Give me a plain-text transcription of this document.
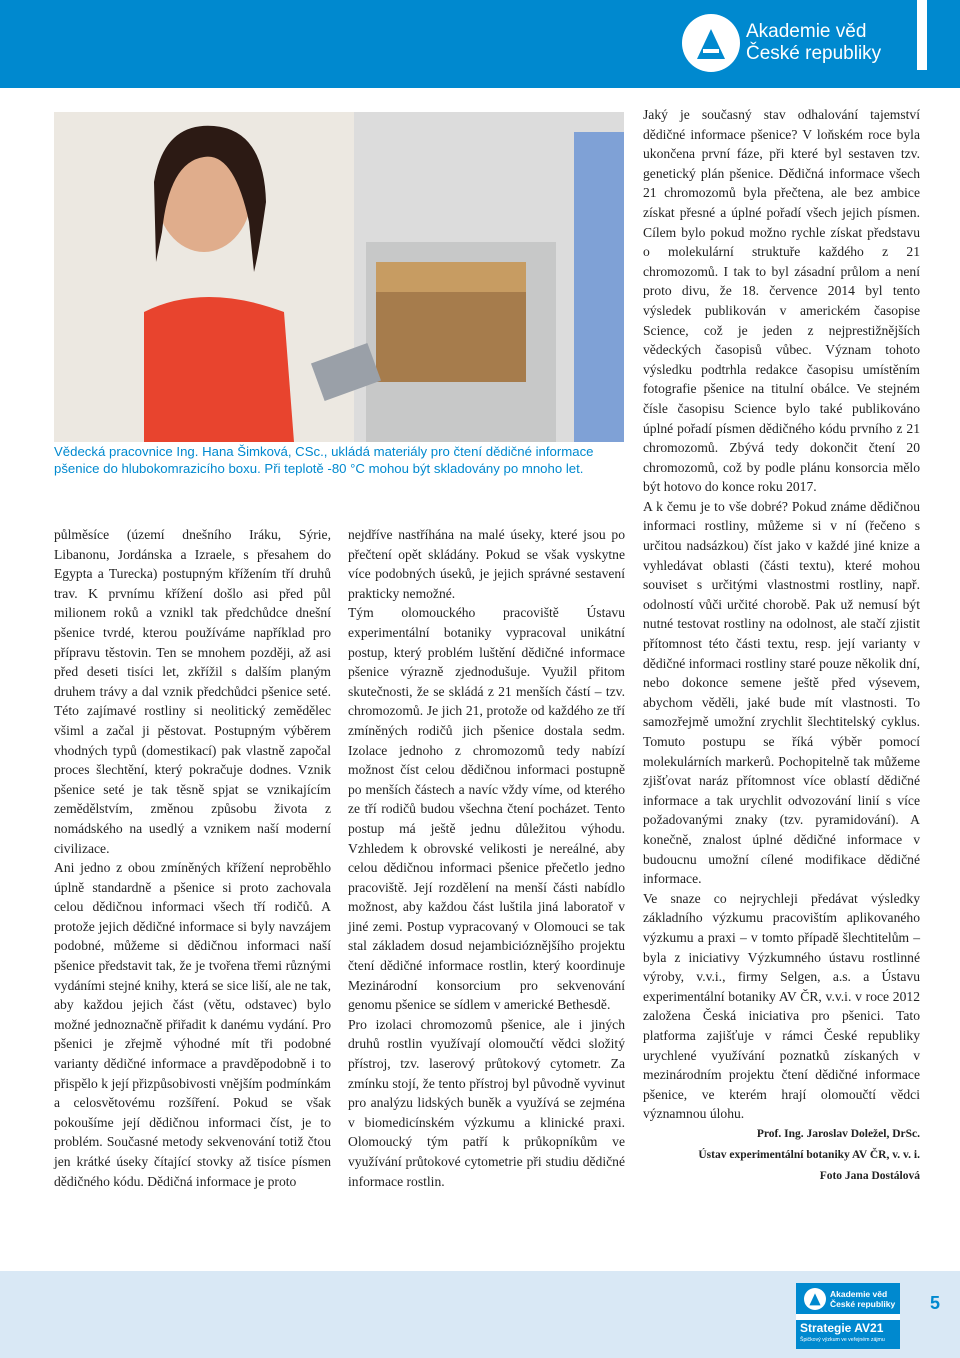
Akademie věd
České republiky
Vědecká pracovnice Ing. Hana Šimková, CSc., ukládá materiály pro čtení dědičné informace pšenice do hlubokomrazicího boxu. Při teplotě -80 °C mohou být skladovány po mnoho let.

půlměsíce (území dnešního Iráku, Sýrie, Libanonu, Jordánska a Izraele, s přesahem do Egypta a Turecka) postupným křížením tří druhů trav. K prvnímu křížení došlo asi před půl milionem roků a vznikl tak předchůdce dnešní pšenice tvrdé, kterou používáme například pro přípravu těstovin. Ten se mnohem později, až asi před deseti tisíci let, zkřížil s dalším planým druhem trávy a dal vznik předchůdci pšenice seté. Této zajímavé rostliny si neolitický zemědělec všiml a začal ji pěstovat. Postupným výběrem vhodných typů (domestikací) pak vlastně započal proces šlechtění, který pokračuje dodnes. Vznik pšenice seté je tak těsně spjat se vznikajícím zemědělstvím, změnou způsobu života z nomádského na usedlý a vznikem naší moderní civilizace.

Ani jedno z obou zmíněných křížení neproběhlo úplně standardně a pšenice si proto zachovala celou dědičnou informaci všech tří rodičů. A protože jejich dědičné informace si byly navzájem podobné, můžeme si dědičnou informaci naší pšenice představit tak, že je tvořena třemi různými vydáními stejné knihy, která se sice liší, ale ne tak, aby každou jejich část (větu, odstavec) bylo možné jednoznačně přiřadit k danému vydání. Pro pšenici je zřejmě výhodné mít tři podobné varianty dědičné informace a pravděpodobně i to přispělo k její přizpůsobivosti vnějším podmínkám a celosvětovému rozšíření. Pokud se však pokoušíme její dědičnou informaci číst, je to problém. Současné metody sekvenování totiž čtou jen krátké úseky čítající stovky až tisíce písmen dědičného kódu. Dědičná informace je proto

nejdříve nastříhána na malé úseky, které jsou po přečtení opět skládány. Pokud se však vyskytne více podobných úseků, je jejich správné sestavení prakticky nemožné.

Tým olomouckého pracoviště Ústavu experimentální botaniky vypracoval unikátní postup, který problém luštění dědičné informace pšenice výrazně zjednodušuje. Využil přitom skutečnosti, že se skládá z 21 menších částí – tzv. chromozomů. Je jich 21, protože od každého ze tří zmíněných rodičů jich pšenice dostala sedm. Izolace jednoho z chromozomů tedy nabízí možnost číst celou dědičnou informaci postupně po menších částech a navíc vždy víme, od kterého ze tří rodičů budou všechna čtení pocházet. Tento postup má ještě jednu důležitou výhodu. Vzhledem k obrovské velikosti je nereálné, aby celou dědičnou informaci pšenice přečetlo jedno pracoviště. Její rozdělení na menší části nabídlo možnost, aby každou část luštila jiná laboratoř v jiné zemi. Postup vypracovaný v Olomouci se tak stal základem dosud nejambicióznějšího projektu čtení dědičné informace rostlin, který koordinuje Mezinárodní konsorcium pro sekvenování genomu pšenice se sídlem v americké Bethesdě.

Pro izolaci chromozomů pšenice, ale i jiných druhů rostlin využívají olomoučtí vědci složitý přístroj, tzv. laserový průtokový cytometr. Za zmínku stojí, že tento přístroj byl původně vyvinut pro analýzu lidských buněk a využívá se zejména v biomedicínském výzkumu a klinické praxi. Olomoucký tým patří k průkopníkům ve využívání průtokové cytometrie při studiu dědičné informace rostlin.

Jaký je současný stav odhalování tajemství dědičné informace pšenice? V loňském roce byla ukončena první fáze, při které byl sestaven tzv. genetický plán pšenice. Dědičná informace všech 21 chromozomů byla přečtena, ale bez ambice získat přesné a úplné pořadí všech jejich písmen. Cílem bylo pokud možno rychle získat představu o molekulární struktuře každého z 21 chromozomů. I tak to byl zásadní průlom a není proto divu, že 18. července 2014 byl tento výsledek publikován v americkém časopise Science, což je jeden z nejprestižnějších vědeckých časopisů vůbec. Význam tohoto výsledku podtrhla redakce časopisu umístěním fotografie pšenice na titulní obálce. Ve stejném čísle časopisu Science bylo také publikováno úplné pořadí písmen dědičného kódu prvního z 21 chromozomů. Zbývá tedy dokončit čtení 20 chromozomů, což by podle plánu konsorcia mělo být hotovo do konce roku 2017.

A k čemu je to vše dobré? Pokud známe dědičnou informaci rostliny, můžeme si v ní (řečeno s určitou nadsázkou) číst jako v každé jiné knize a vyhledávat oblasti (části textu), které mohou souviset s určitými vlastnostmi rostliny, např. odolností vůči určité chorobě. Pak už nemusí být nutné testovat rostliny na odolnost, ale stačí zjistit přítomnost této části textu, resp. její varianty v dědičné informaci rostliny staré pouze několik dní, nebo dokonce semene ještě před výsevem, abychom věděli, jaké bude mít vlastnosti. To samozřejmě umožní zrychlit šlechtitelský cyklus. Tomuto postupu se říká výběr pomocí molekulárních markerů. Pochopitelně tak můžeme zjišťovat naráz přítomnost více oblastí dědičné informace a tak urychlit odvozování linií s více požadovanými znaky (tzv. pyramidování). A konečně, znalost úplné dědičné informace v budoucnu umožní cílené modifikace dědičné informace.

Ve snaze co nejrychleji předávat výsledky základního výzkumu pracovištím aplikovaného výzkumu a praxi – v tomto případě šlechtitelům – byla z iniciativy Výzkumného ústavu rostlinné výroby, v.v.i., firmy Selgen, a.s. a Ústavu experimentální botaniky AV ČR, v.v.i. v roce 2012 založena Česká iniciativa pro pšenici. Tato platforma zajišťuje v rámci České republiky urychlené využívání poznatků získaných v mezinárodním projektu čtení dědičné informace pšenice, ve kterém hrají olomoučtí vědci významnou úlohu.

Prof. Ing. Jaroslav Doležel, DrSc.
Ústav experimentální botaniky AV ČR, v. v. i.
Foto Jana Dostálová
Akademie věd
České republiky
Strategie AV21
Špičkový výzkum ve veřejném zájmu
5
